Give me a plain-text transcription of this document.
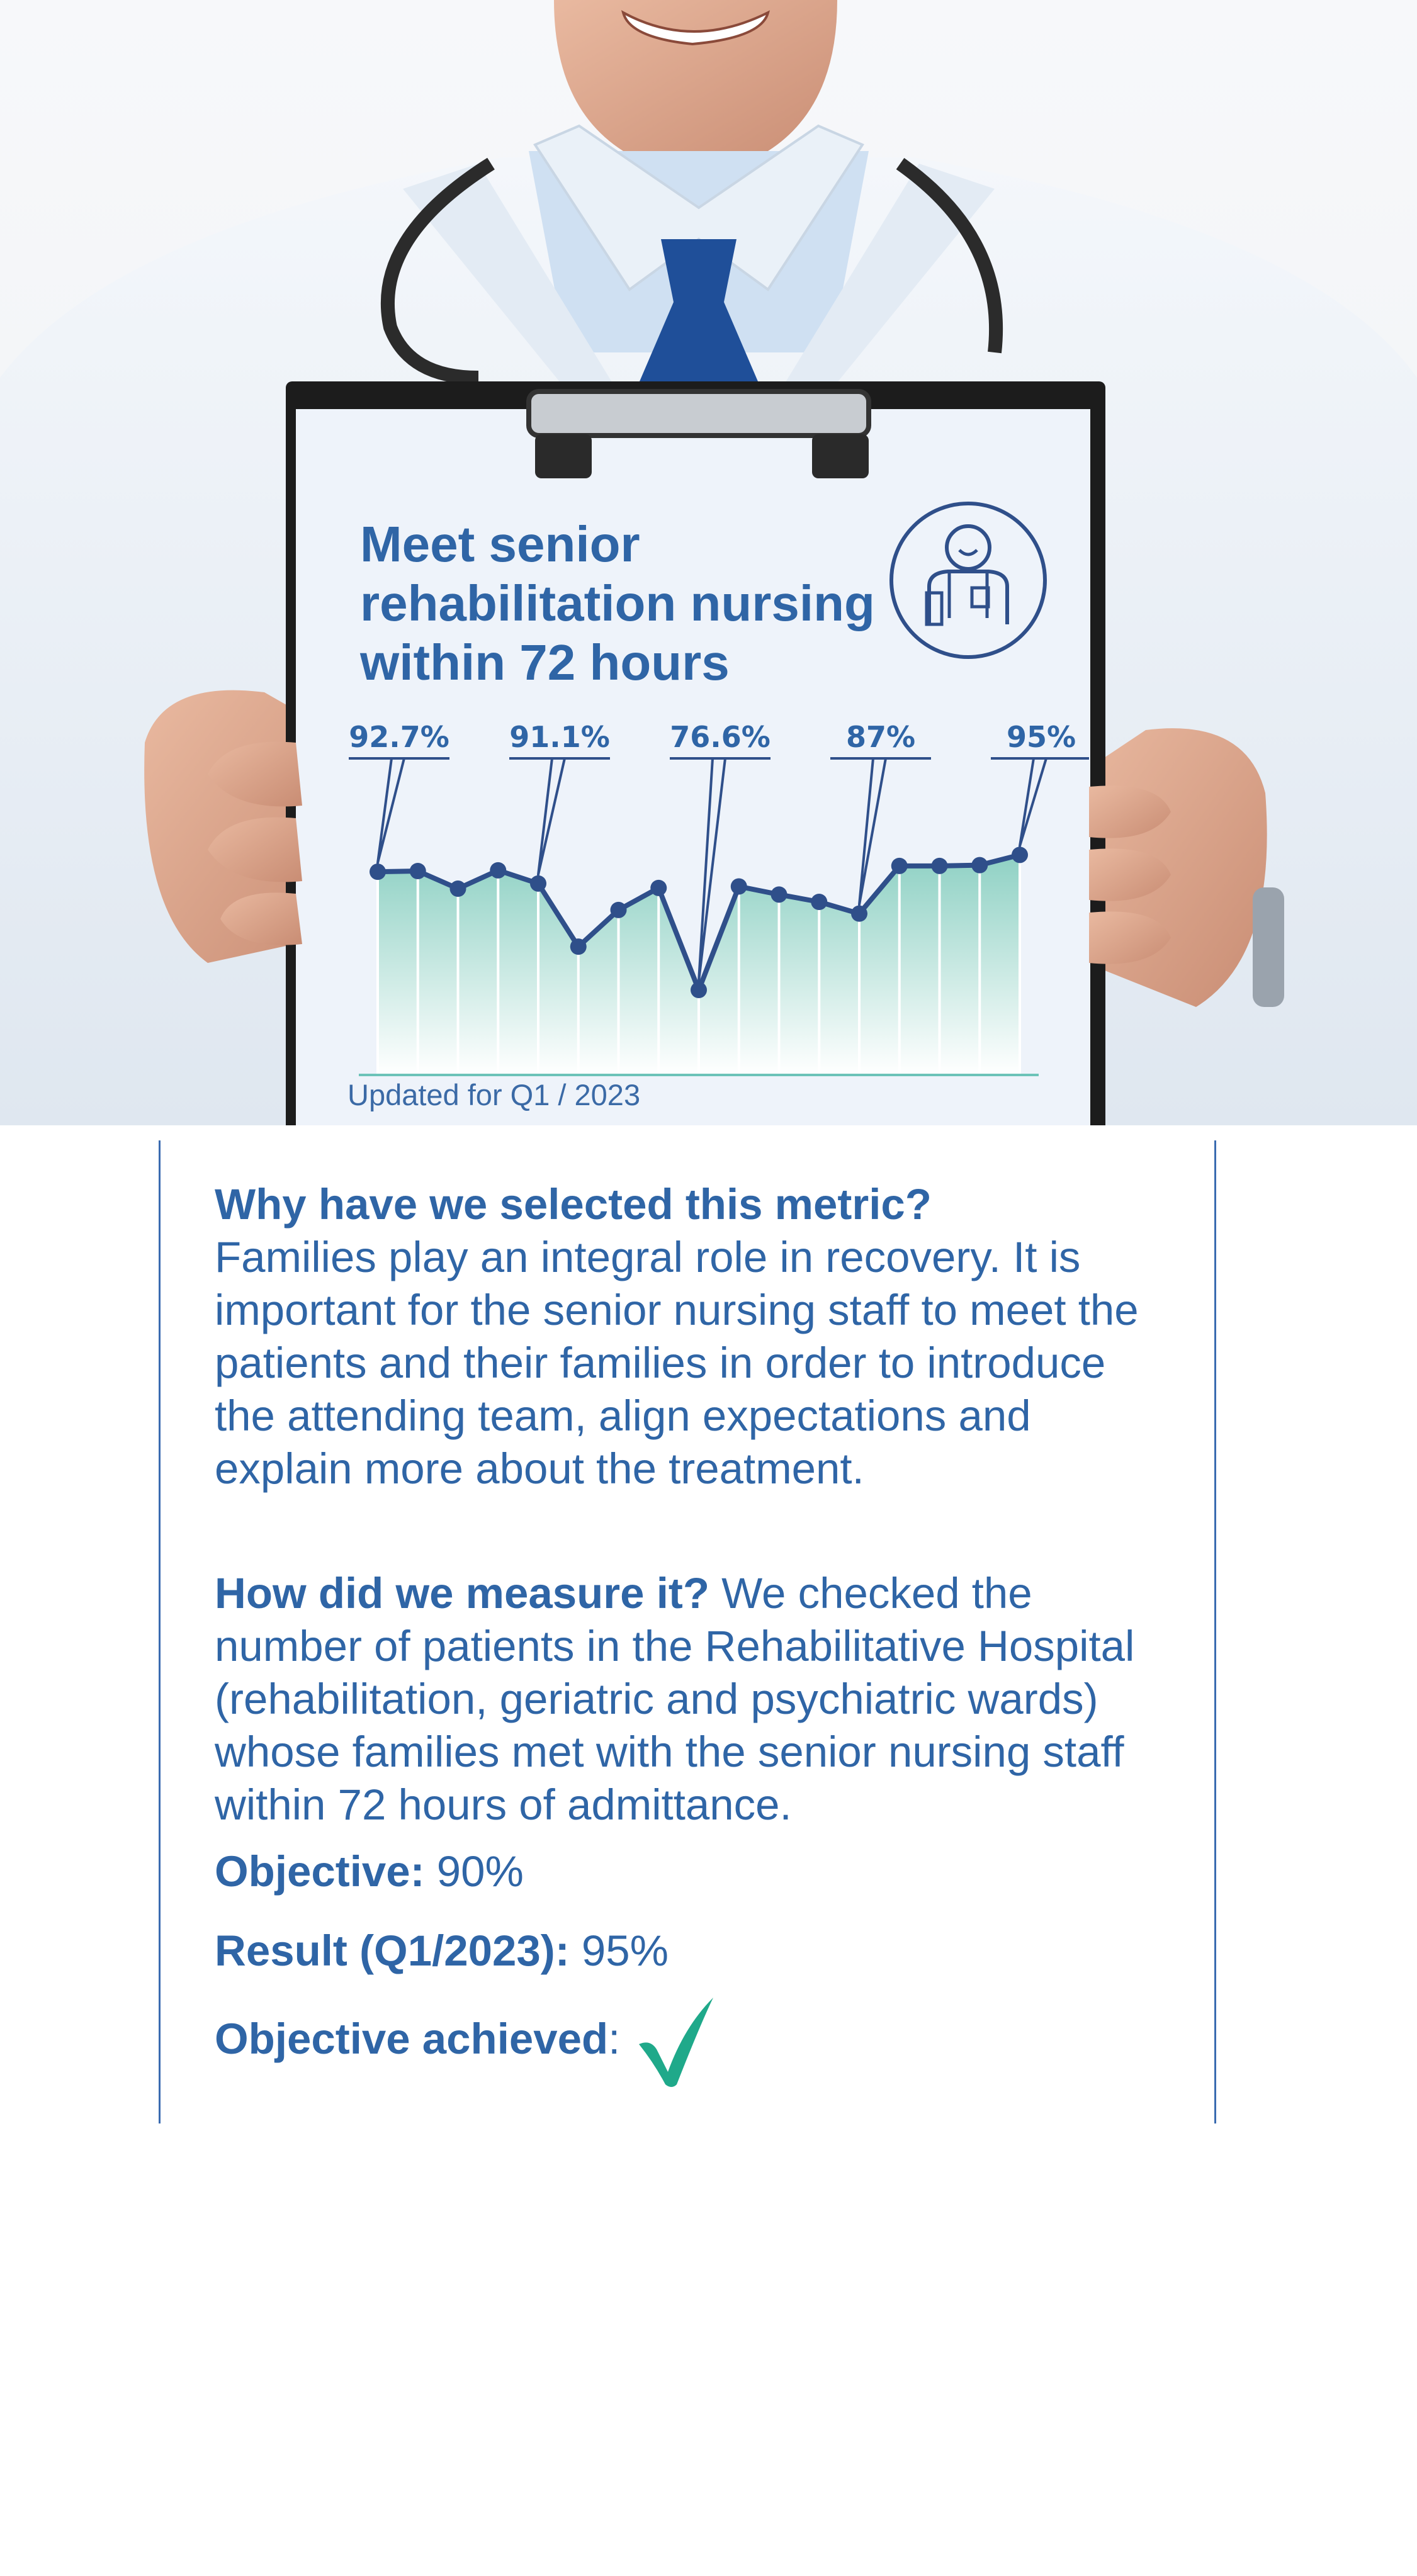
Meet senior
rehabilitation nursing
within 72 hours
92.7% 91.1% 76.6%	87%	95%
Updated for Q1 / 2023
Why have we selected this metric?
Families play an integral role in recovery. It is important for the senior nursing staff to meet the patients and their families in order to introduce the attending team, align expectations and explain more about the treatment.
How did we measure it? We checked the number of patients in the Rehabilitative Hospital (rehabilitation, geriatric and psychiatric wards) whose families met with the senior nursing staff within 72 hours of admittance.
Objective: 90%
Result (Q1/2023): 95%
Objective achieved:
